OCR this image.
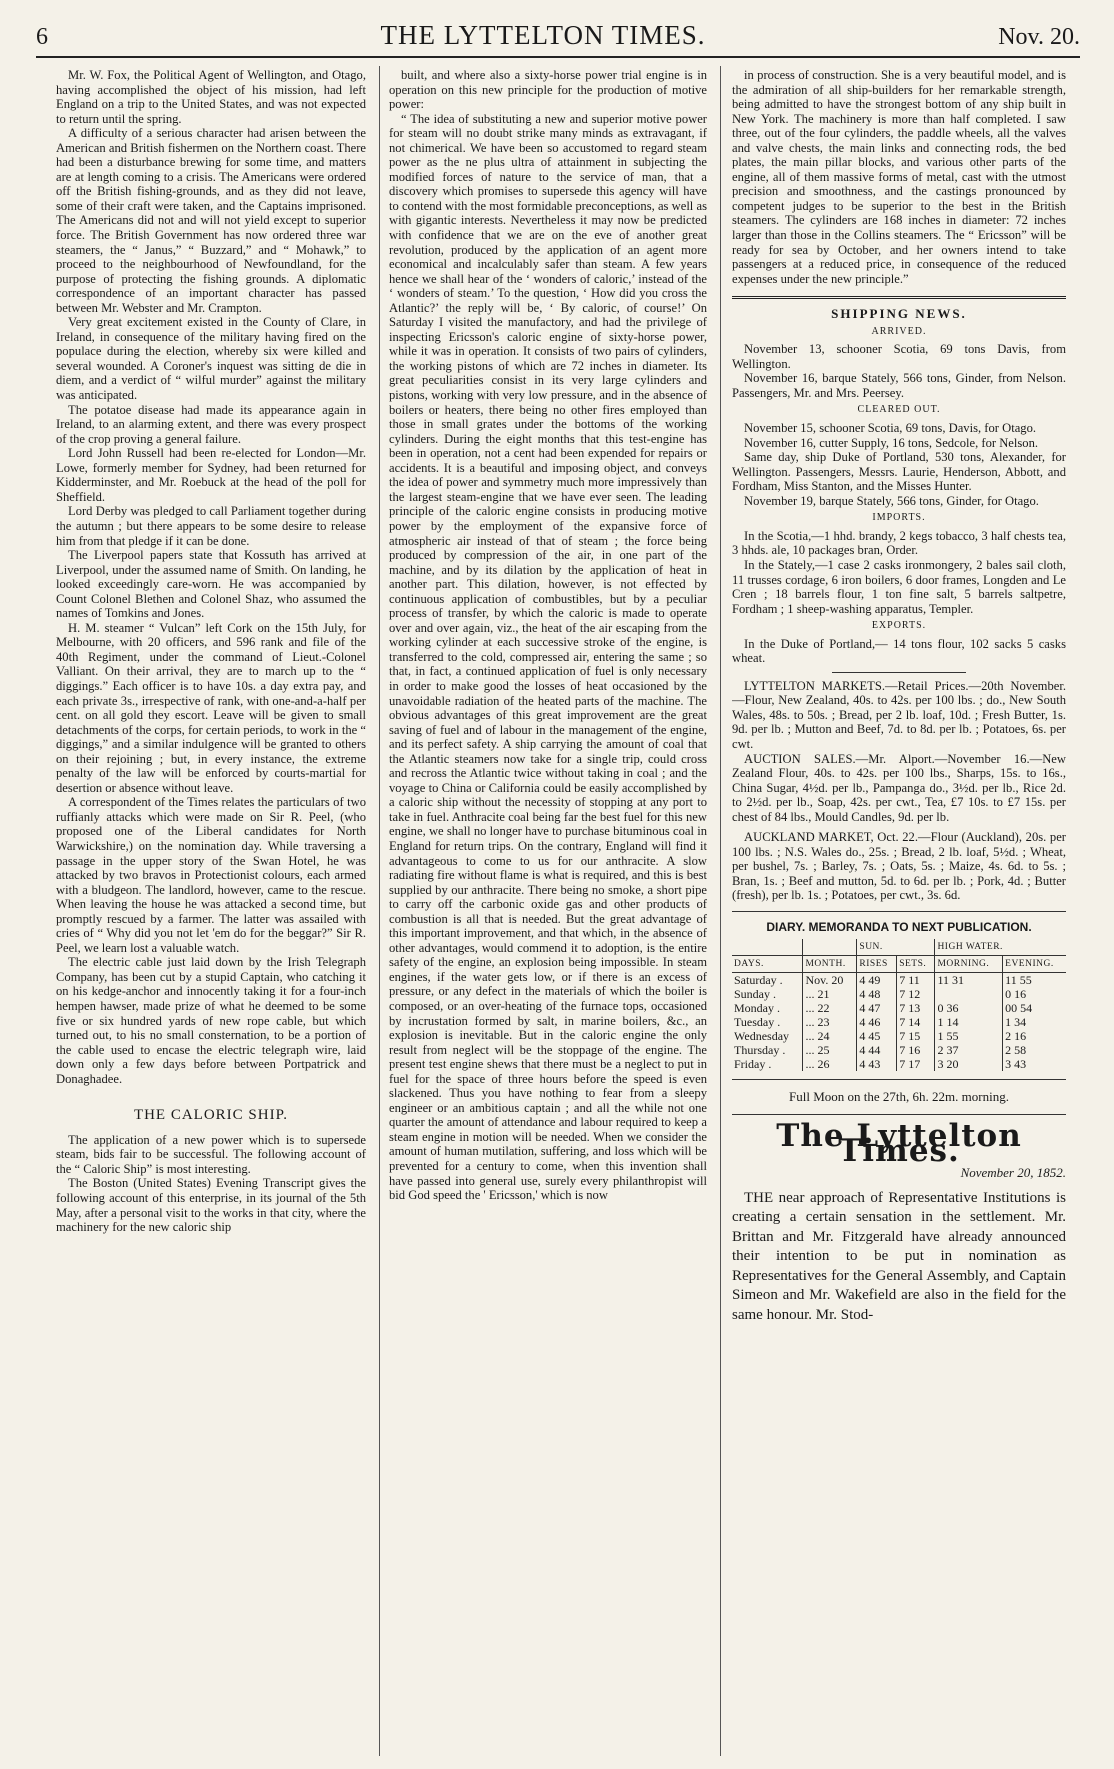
6	THE LYTTELTON TIMES.	Nov. 20.

Mr. W. Fox, the Political Agent of Wellington, and Otago, having accomplished the object of his mission, had left England on a trip to the United States, and was not expected to return until the spring.

A difficulty of a serious character had arisen between the American and British fishermen on the Northern coast. There had been a disturbance brewing for some time, and matters are at length coming to a crisis. The Americans were ordered off the British fishing-grounds, and as they did not leave, some of their craft were taken, and the Captains imprisoned. The Americans did not and will not yield except to superior force. The British Government has now ordered three war steamers, the “ Janus,” “ Buzzard,” and “ Mohawk,” to proceed to the neighbourhood of Newfoundland, for the purpose of protecting the fishing grounds. A diplomatic correspondence of an important character has passed between Mr. Webster and Mr. Crampton.

Very great excitement existed in the County of Clare, in Ireland, in consequence of the military having fired on the populace during the election, whereby six were killed and several wounded. A Coroner's inquest was sitting de die in diem, and a verdict of “ wilful murder” against the military was anticipated.

The potatoe disease had made its appearance again in Ireland, to an alarming extent, and there was every prospect of the crop proving a general failure.

Lord John Russell had been re-elected for London—Mr. Lowe, formerly member for Sydney, had been returned for Kidderminster, and Mr. Roebuck at the head of the poll for Sheffield.

Lord Derby was pledged to call Parliament together during the autumn ; but there appears to be some desire to release him from that pledge if it can be done.

The Liverpool papers state that Kossuth has arrived at Liverpool, under the assumed name of Smith. On landing, he looked exceedingly care-worn. He was accompanied by Count Colonel Blethen and Colonel Shaz, who assumed the names of Tomkins and Jones.

H. M. steamer “ Vulcan” left Cork on the 15th July, for Melbourne, with 20 officers, and 596 rank and file of the 40th Regiment, under the command of Lieut.-Colonel Valliant. On their arrival, they are to march up to the “ diggings.” Each officer is to have 10s. a day extra pay, and each private 3s., irrespective of rank, with one-and-a-half per cent. on all gold they escort. Leave will be given to small detachments of the corps, for certain periods, to work in the “ diggings,” and a similar indulgence will be granted to others on their rejoining ; but, in every instance, the extreme penalty of the law will be enforced by courts-martial for desertion or absence without leave.

A correspondent of the Times relates the particulars of two ruffianly attacks which were made on Sir R. Peel, (who proposed one of the Liberal candidates for North Warwickshire,) on the nomination day. While traversing a passage in the upper story of the Swan Hotel, he was attacked by two bravos in Protectionist colours, each armed with a bludgeon. The landlord, however, came to the rescue. When leaving the house he was attacked a second time, but promptly rescued by a farmer. The latter was assailed with cries of “ Why did you not let 'em do for the beggar?” Sir R. Peel, we learn lost a valuable watch.

The electric cable just laid down by the Irish Telegraph Company, has been cut by a stupid Captain, who catching it on his kedge-anchor and innocently taking it for a four-inch hempen hawser, made prize of what he deemed to be some five or six hundred yards of new rope cable, but which turned out, to his no small consternation, to be a portion of the cable used to encase the electric telegraph wire, laid down only a few days before between Portpatrick and Donaghadee.

THE CALORIC SHIP.

The application of a new power which is to supersede steam, bids fair to be successful. The following account of the “ Caloric Ship” is most interesting.

The Boston (United States) Evening Transcript gives the following account of this enterprise, in its journal of the 5th May, after a personal visit to the works in that city, where the machinery for the new caloric ship

built, and where also a sixty-horse power trial engine is in operation on this new principle for the production of motive power:

“ The idea of substituting a new and superior motive power for steam will no doubt strike many minds as extravagant, if not chimerical. We have been so accustomed to regard steam power as the ne plus ultra of attainment in subjecting the modified forces of nature to the service of man, that a discovery which promises to supersede this agency will have to contend with the most formidable preconceptions, as well as with gigantic interests. Nevertheless it may now be predicted with confidence that we are on the eve of another great revolution, produced by the application of an agent more economical and incalculably safer than steam. A few years hence we shall hear of the ‘ wonders of caloric,’ instead of the ‘ wonders of steam.’ To the question, ‘ How did you cross the Atlantic?’ the reply will be, ‘ By caloric, of course!’ On Saturday I visited the manufactory, and had the privilege of inspecting Ericsson's caloric engine of sixty-horse power, while it was in operation. It consists of two pairs of cylinders, the working pistons of which are 72 inches in diameter. Its great peculiarities consist in its very large cylinders and pistons, working with very low pressure, and in the absence of boilers or heaters, there being no other fires employed than those in small grates under the bottoms of the working cylinders. During the eight months that this test-engine has been in operation, not a cent had been expended for repairs or accidents. It is a beautiful and imposing object, and conveys the idea of power and symmetry much more impressively than the largest steam-engine that we have ever seen. The leading principle of the caloric engine consists in producing motive power by the employment of the expansive force of atmospheric air instead of that of steam ; the force being produced by compression of the air, in one part of the machine, and by its dilation by the application of heat in another part. This dilation, however, is not effected by continuous application of combustibles, but by a peculiar process of transfer, by which the caloric is made to operate over and over again, viz., the heat of the air escaping from the working cylinder at each successive stroke of the engine, is transferred to the cold, compressed air, entering the same ; so that, in fact, a continued application of fuel is only necessary in order to make good the losses of heat occasioned by the unavoidable radiation of the heated parts of the machine. The obvious advantages of this great improvement are the great saving of fuel and of labour in the management of the engine, and its perfect safety. A ship carrying the amount of coal that the Atlantic steamers now take for a single trip, could cross and recross the Atlantic twice without taking in coal ; and the voyage to China or California could be easily accomplished by a caloric ship without the necessity of stopping at any port to take in fuel. Anthracite coal being far the best fuel for this new engine, we shall no longer have to purchase bituminous coal in England for return trips. On the contrary, England will find it advantageous to come to us for our anthracite. A slow radiating fire without flame is what is required, and this is best supplied by our anthracite. There being no smoke, a short pipe to carry off the carbonic oxide gas and other products of combustion is all that is needed. But the great advantage of this important improvement, and that which, in the absence of other advantages, would commend it to adoption, is the entire safety of the engine, an explosion being impossible. In steam engines, if the water gets low, or if there is an excess of pressure, or any defect in the materials of which the boiler is composed, or an over-heating of the furnace tops, occasioned by incrustation formed by salt, in marine boilers, &c., an explosion is inevitable. But in the caloric engine the only result from neglect will be the stoppage of the engine. The present test engine shews that there must be a neglect to put in fuel for the space of three hours before the speed is even slackened. Thus you have nothing to fear from a sleepy engineer or an ambitious captain ; and all the while not one quarter the amount of attendance and labour required to keep a steam engine in motion will be needed. When we consider the amount of human mutilation, suffering, and loss which will be prevented for a century to come, when this invention shall have passed into general use, surely every philanthropist will bid God speed the ' Ericsson,' which is now

in process of construction. She is a very beautiful model, and is the admiration of all ship-builders for her remarkable strength, being admitted to have the strongest bottom of any ship built in New York. The machinery is more than half completed. I saw three, out of the four cylinders, the paddle wheels, all the valves and valve chests, the main links and connecting rods, the bed plates, the main pillar blocks, and various other parts of the engine, all of them massive forms of metal, cast with the utmost precision and smoothness, and the castings pronounced by competent judges to be superior to the best in the British steamers. The cylinders are 168 inches in diameter: 72 inches larger than those in the Collins steamers. The “ Ericsson” will be ready for sea by October, and her owners intend to take passengers at a reduced price, in consequence of the reduced expenses under the new principle.”

SHIPPING NEWS.
ARRIVED.

November 13, schooner Scotia, 69 tons Davis, from Wellington.

November 16, barque Stately, 566 tons, Ginder, from Nelson. Passengers, Mr. and Mrs. Peersey.

CLEARED OUT.

November 15, schooner Scotia, 69 tons, Davis, for Otago.

November 16, cutter Supply, 16 tons, Sedcole, for Nelson.

Same day, ship Duke of Portland, 530 tons, Alexander, for Wellington. Passengers, Messrs. Laurie, Henderson, Abbott, and Fordham, Miss Stanton, and the Misses Hunter.

November 19, barque Stately, 566 tons, Ginder, for Otago.

IMPORTS.

In the Scotia,—1 hhd. brandy, 2 kegs tobacco, 3 half chests tea, 3 hhds. ale, 10 packages bran, Order.

In the Stately,—1 case 2 casks ironmongery, 2 bales sail cloth, 11 trusses cordage, 6 iron boilers, 6 door frames, Longden and Le Cren ; 18 barrels flour, 1 ton fine salt, 5 barrels saltpetre, Fordham ; 1 sheep-washing apparatus, Templer.

EXPORTS.

In the Duke of Portland,— 14 tons flour, 102 sacks 5 casks wheat.

LYTTELTON MARKETS.—Retail Prices.—20th November.—Flour, New Zealand, 40s. to 42s. per 100 lbs. ; do., New South Wales, 48s. to 50s. ; Bread, per 2 lb. loaf, 10d. ; Fresh Butter, 1s. 9d. per lb. ; Mutton and Beef, 7d. to 8d. per lb. ; Potatoes, 6s. per cwt.

AUCTION SALES.—Mr. Alport.—November 16.—New Zealand Flour, 40s. to 42s. per 100 lbs., Sharps, 15s. to 16s., China Sugar, 4½d. per lb., Pampanga do., 3½d. per lb., Rice 2d. to 2½d. per lb., Soap, 42s. per cwt., Tea, £7 10s. to £7 15s. per chest of 84 lbs., Mould Candles, 9d. per lb.

AUCKLAND MARKET, Oct. 22.—Flour (Auckland), 20s. per 100 lbs. ; N.S. Wales do., 25s. ; Bread, 2 lb. loaf, 5½d. ; Wheat, per bushel, 7s. ; Barley, 7s. ; Oats, 5s. ; Maize, 4s. 6d. to 5s. ; Bran, 1s. ; Beef and mutton, 5d. to 6d. per lb. ; Pork, 4d. ; Butter (fresh), per lb. 1s. ; Potatoes, per cwt., 3s. 6d.

DIARY. MEMORANDA TO NEXT PUBLICATION.
		SUN.		HIGH WATER.	
DAYS.	MONTH.	RISES	SETS.	MORNING.	EVENING.
Saturday .	Nov. 20	4 49	7 11	11 31	11 55
Sunday .	... 21	4 48	7 12		0 16
Monday .	... 22	4 47	7 13	0 36	00 54
Tuesday .	... 23	4 46	7 14	1 14	1 34
Wednesday	... 24	4 45	7 15	1 55	2 16
Thursday .	... 25	4 44	7 16	2 37	2 58
Friday .	... 26	4 43	7 17	3 20	3 43
Full Moon on the 27th, 6h. 22m. morning.
The Lyttelton Times.
November 20, 1852.

THE near approach of Representative Institutions is creating a certain sensation in the settlement. Mr. Brittan and Mr. Fitzgerald have already announced their intention to be put in nomination as Representatives for the General Assembly, and Captain Simeon and Mr. Wakefield are also in the field for the same honour. Mr. Stod-
